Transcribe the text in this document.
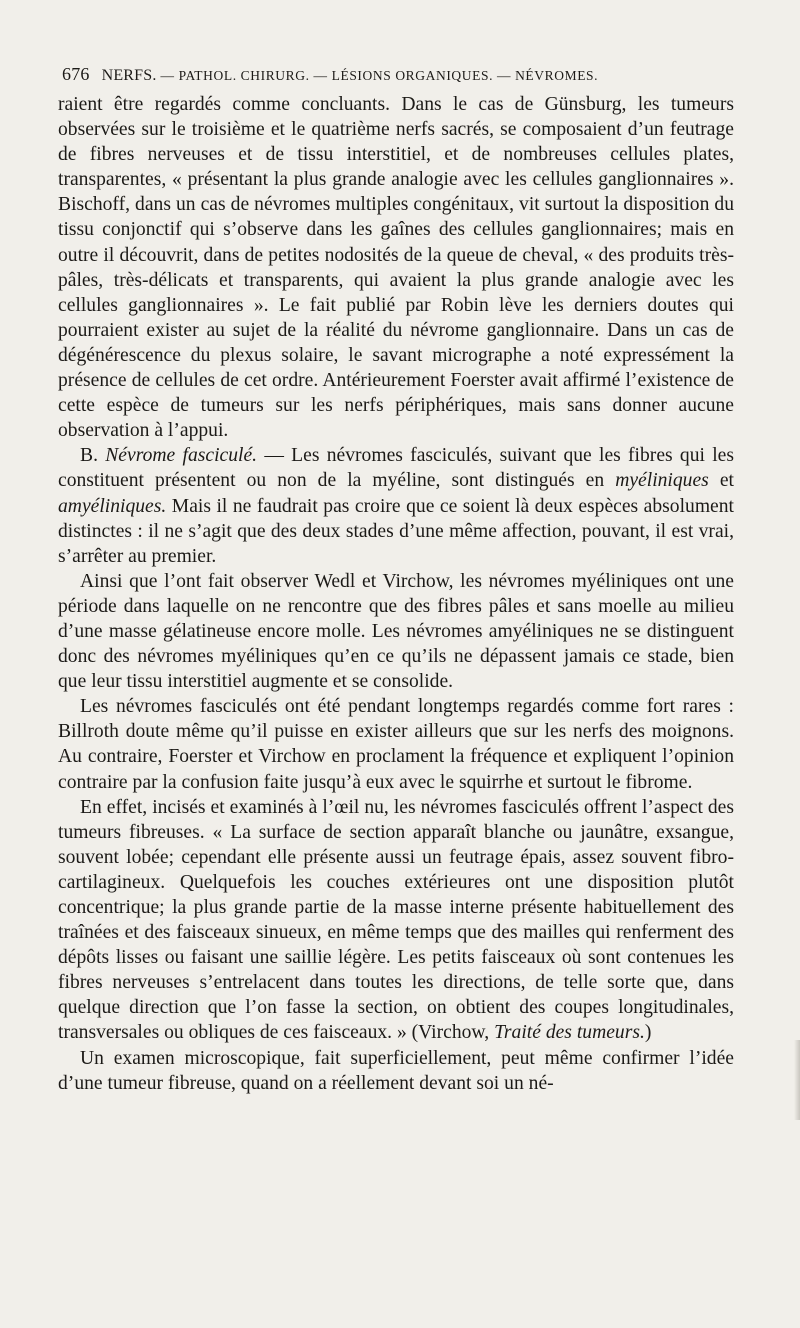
676 NERFS. — PATHOL. CHIRURG. — LÉSIONS ORGANIQUES. — NÉVROMES.

raient être regardés comme concluants. Dans le cas de Günsburg, les tumeurs observées sur le troisième et le quatrième nerfs sacrés, se composaient d’un feutrage de fibres nerveuses et de tissu interstitiel, et de nombreuses cellules plates, transparentes, « présentant la plus grande analogie avec les cellules ganglionnaires ». Bischoff, dans un cas de névromes multiples congénitaux, vit surtout la disposition du tissu conjonctif qui s’observe dans les gaînes des cellules ganglionnaires; mais en outre il découvrit, dans de petites nodosités de la queue de cheval, « des produits très-pâles, très-délicats et transparents, qui avaient la plus grande analogie avec les cellules ganglionnaires ». Le fait publié par Robin lève les derniers doutes qui pourraient exister au sujet de la réalité du névrome ganglionnaire. Dans un cas de dégénérescence du plexus solaire, le savant micrographe a noté expressément la présence de cellules de cet ordre. Antérieurement Foerster avait affirmé l’existence de cette espèce de tumeurs sur les nerfs périphériques, mais sans donner aucune observation à l’appui.

B. Névrome fasciculé. — Les névromes fasciculés, suivant que les fibres qui les constituent présentent ou non de la myéline, sont distingués en myéliniques et amyéliniques. Mais il ne faudrait pas croire que ce soient là deux espèces absolument distinctes : il ne s’agit que des deux stades d’une même affection, pouvant, il est vrai, s’arrêter au premier.

Ainsi que l’ont fait observer Wedl et Virchow, les névromes myéliniques ont une période dans laquelle on ne rencontre que des fibres pâles et sans moelle au milieu d’une masse gélatineuse encore molle. Les névromes amyéliniques ne se distinguent donc des névromes myéliniques qu’en ce qu’ils ne dépassent jamais ce stade, bien que leur tissu interstitiel augmente et se consolide.

Les névromes fasciculés ont été pendant longtemps regardés comme fort rares : Billroth doute même qu’il puisse en exister ailleurs que sur les nerfs des moignons. Au contraire, Foerster et Virchow en proclament la fréquence et expliquent l’opinion contraire par la confusion faite jusqu’à eux avec le squirrhe et surtout le fibrome.

En effet, incisés et examinés à l’œil nu, les névromes fasciculés offrent l’aspect des tumeurs fibreuses. « La surface de section apparaît blanche ou jaunâtre, exsangue, souvent lobée; cependant elle présente aussi un feutrage épais, assez souvent fibro-cartilagineux. Quelquefois les couches extérieures ont une disposition plutôt concentrique; la plus grande partie de la masse interne présente habituellement des traînées et des faisceaux sinueux, en même temps que des mailles qui renferment des dépôts lisses ou faisant une saillie légère. Les petits faisceaux où sont contenues les fibres nerveuses s’entrelacent dans toutes les directions, de telle sorte que, dans quelque direction que l’on fasse la section, on obtient des coupes longitudinales, transversales ou obliques de ces faisceaux. » (Virchow, Traité des tumeurs.)

Un examen microscopique, fait superficiellement, peut même confirmer l’idée d’une tumeur fibreuse, quand on a réellement devant soi un né-
